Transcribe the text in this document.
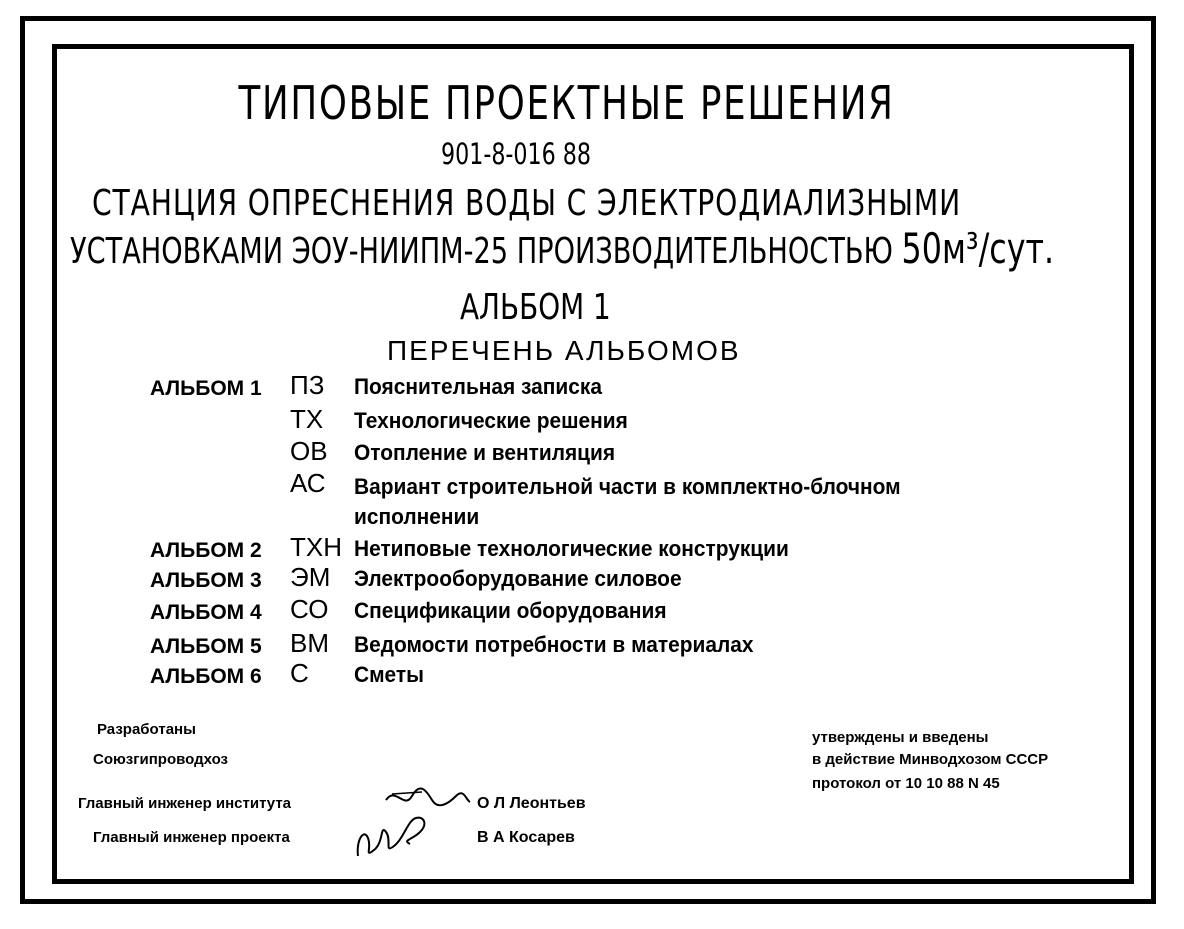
ТИПОВЫЕ ПРОЕКТНЫЕ РЕШЕНИЯ
901-8-016 88
СТАНЦИЯ ОПРЕСНЕНИЯ ВОДЫ С ЭЛЕКТРОДИАЛИЗНЫМИ
УСТАНОВКАМИ ЭОУ-НИИПМ-25 ПРОИЗВОДИТЕЛЬНОСТЬЮ 50м³/сут.
АЛЬБОМ 1
ПЕРЕЧЕНЬ АЛЬБОМОВ
АЛЬБОМ 1 ПЗ Пояснительная записка
ТХ Технологические решения
ОВ Отопление и вентиляция
АС Вариант строительной части в комплектно-блочном
исполнении
АЛЬБОМ 2 ТХН Нетиповые технологические конструкции
АЛЬБОМ 3 ЭМ Электрооборудование силовое
АЛЬБОМ 4 СО Спецификации оборудования
АЛЬБОМ 5 ВМ Ведомости потребности в материалах
АЛЬБОМ 6 С Сметы
Разработаны
Союзгипроводхоз
утверждены и введены
в действие Минводхозом СССР
протокол от 10 10 88 N 45
Главный инженер института	О Л Леонтьев
Главный инженер проекта	В А Косарев
